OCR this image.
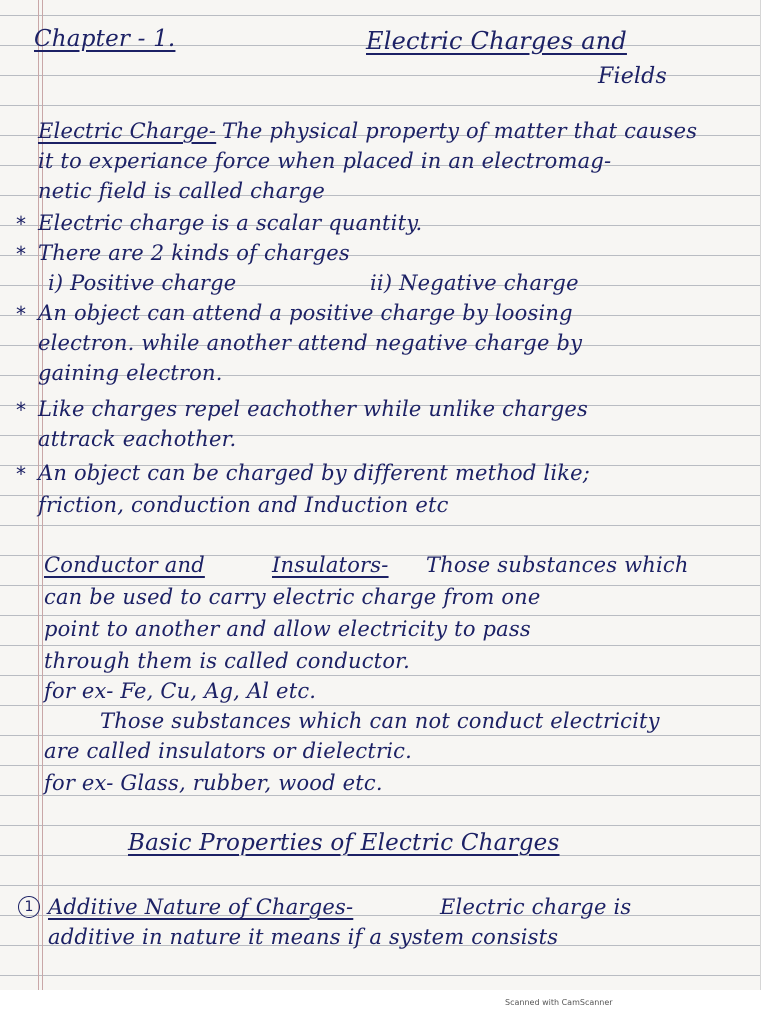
Chapter - 1.	Electric Charges and
Fields
Electric Charge- The physical property of matter that causes
it to experiance force when placed in an electromag-
netic field is called charge
* Electric charge is a scalar quantity.
* There are 2 kinds of charges
i) Positive charge	ii) Negative charge
* An object can attend a positive charge by loosing
electron. while another attend negative charge by
gaining electron.
* Like charges repel eachother while unlike charges
attrack eachother.
* An object can be charged by different method like;
friction, conduction and Induction etc
Conductor and	Insulators- Those substances which
can be used to carry electric charge from one
point to another and allow electricity to pass
through them is called conductor.
for ex- Fe, Cu, Ag, Al etc.
Those substances which can not conduct electricity
are called insulators or dielectric.
for ex- Glass, rubber, wood etc.
Basic Properties of Electric Charges
1 Additive Nature of Charges-	Electric charge is
additive in nature it means if a system consists
Scanned with CamScanner
